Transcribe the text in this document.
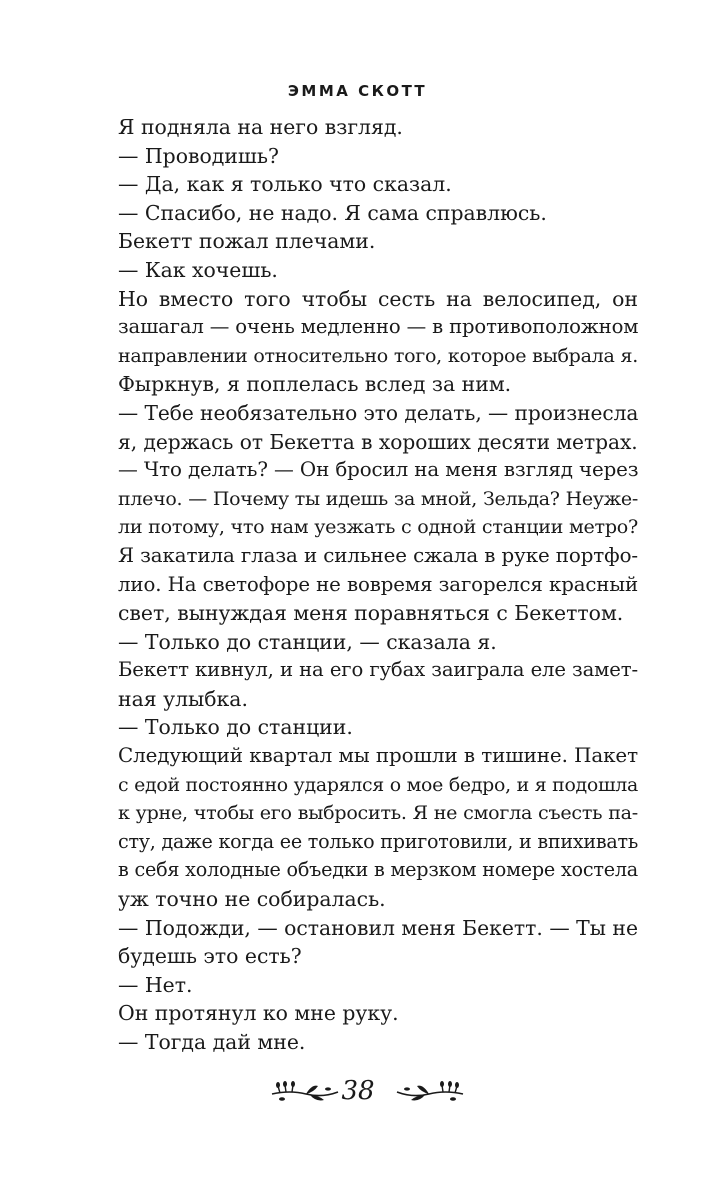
ЭММА СКОТТ
Я подняла на него взгляд.
— Проводишь?
— Да, как я только что сказал.
— Спасибо, не надо. Я сама справлюсь.
Бекетт пожал плечами.
— Как хочешь.
Но вместо того чтобы сесть на велосипед, он
зашагал — очень медленно — в противоположном
направлении относительно того, которое выбрала я.
Фыркнув, я поплелась вслед за ним.
— Тебе необязательно это делать, — произнесла
я, держась от Бекетта в хороших десяти метрах.
— Что делать? — Он бросил на меня взгляд через
плечо. — Почему ты идешь за мной, Зельда? Неуже-
ли потому, что нам уезжать с одной станции метро?
Я закатила глаза и сильнее сжала в руке портфо-
лио. На светофоре не вовремя загорелся красный
свет, вынуждая меня поравняться с Бекеттом.
— Только до станции, — сказала я.
Бекетт кивнул, и на его губах заиграла еле замет-
ная улыбка.
— Только до станции.
Следующий квартал мы прошли в тишине. Пакет
с едой постоянно ударялся о мое бедро, и я подошла
к урне, чтобы его выбросить. Я не смогла съесть па-
сту, даже когда ее только приготовили, и впихивать
в себя холодные объедки в мерзком номере хостела
уж точно не собиралась.
— Подожди, — остановил меня Бекетт. — Ты не
будешь это есть?
— Нет.
Он протянул ко мне руку.
— Тогда дай мне.
38
